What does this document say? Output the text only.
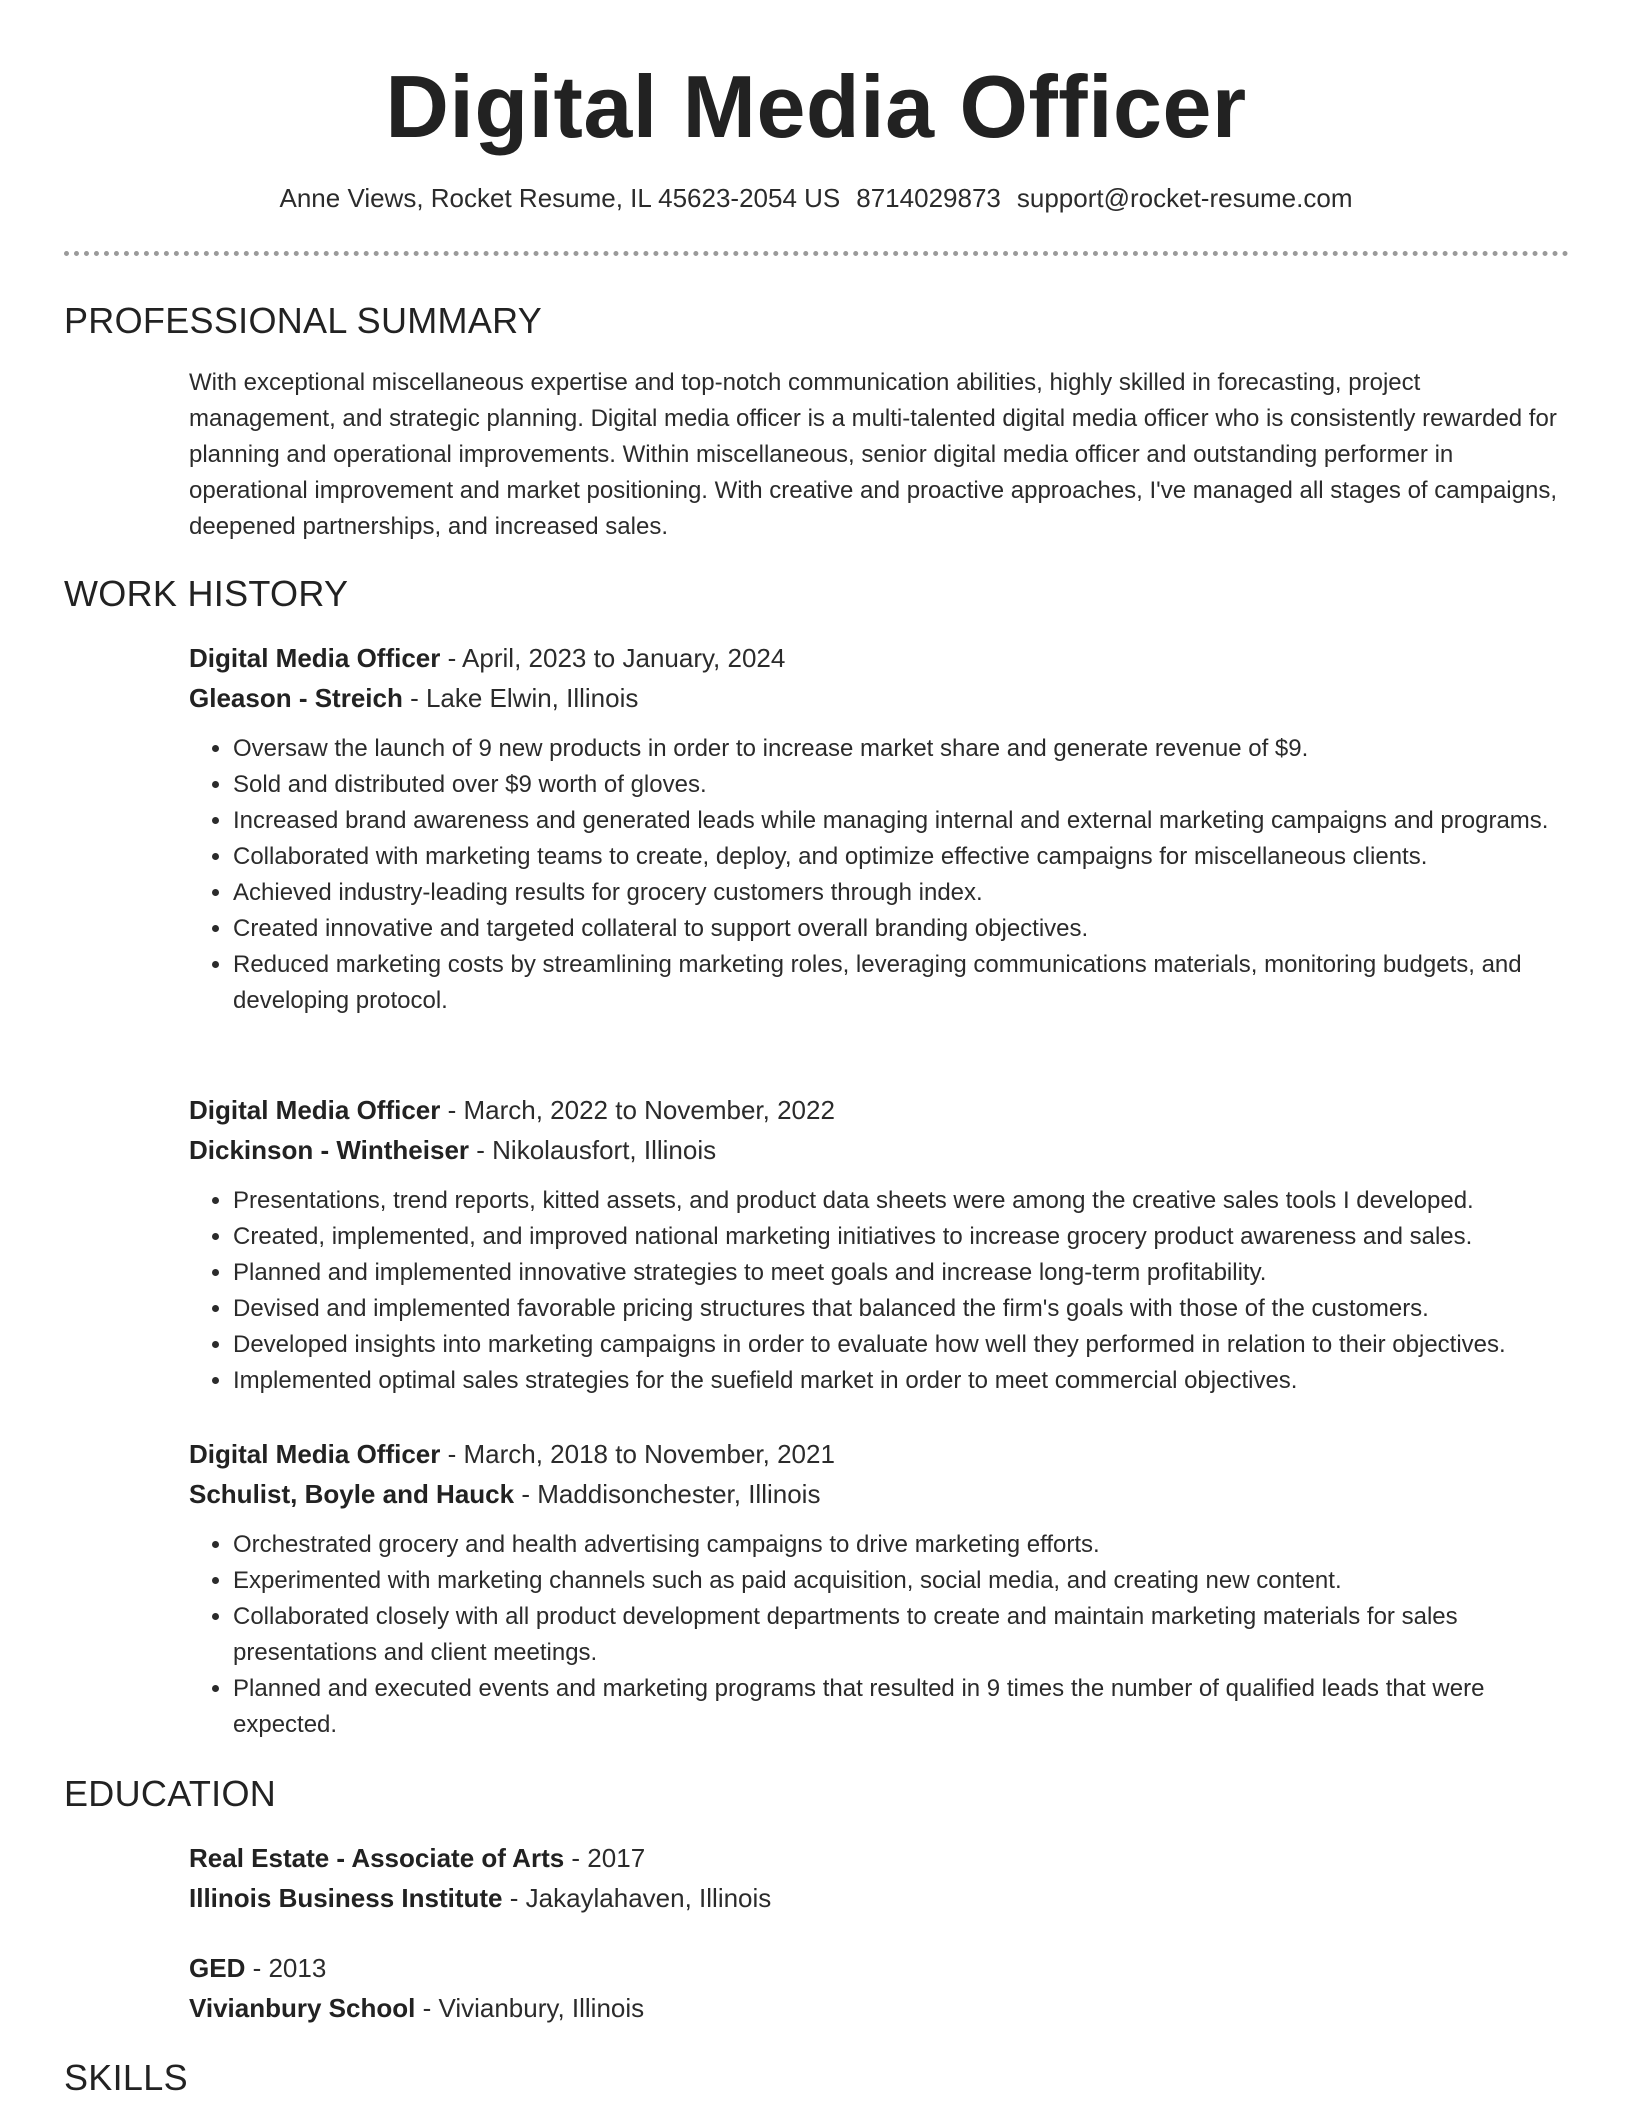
Digital Media Officer
Anne Views, Rocket Resume, IL 45623-2054 US 8714029873 support@rocket-resume.com
PROFESSIONAL SUMMARY
With exceptional miscellaneous expertise and top-notch communication abilities, highly skilled in forecasting, project management, and strategic planning. Digital media officer is a multi-talented digital media officer who is consistently rewarded for planning and operational improvements. Within miscellaneous, senior digital media officer and outstanding performer in operational improvement and market positioning. With creative and proactive approaches, I've managed all stages of campaigns, deepened partnerships, and increased sales.
WORK HISTORY
Digital Media Officer - April, 2023 to January, 2024
Gleason - Streich - Lake Elwin, Illinois
• Oversaw the launch of 9 new products in order to increase market share and generate revenue of $9.
• Sold and distributed over $9 worth of gloves.
• Increased brand awareness and generated leads while managing internal and external marketing campaigns and programs.
• Collaborated with marketing teams to create, deploy, and optimize effective campaigns for miscellaneous clients.
• Achieved industry-leading results for grocery customers through index.
• Created innovative and targeted collateral to support overall branding objectives.
• Reduced marketing costs by streamlining marketing roles, leveraging communications materials, monitoring budgets, and developing protocol.
Digital Media Officer - March, 2022 to November, 2022
Dickinson - Wintheiser - Nikolausfort, Illinois
• Presentations, trend reports, kitted assets, and product data sheets were among the creative sales tools I developed.
• Created, implemented, and improved national marketing initiatives to increase grocery product awareness and sales.
• Planned and implemented innovative strategies to meet goals and increase long-term profitability.
• Devised and implemented favorable pricing structures that balanced the firm's goals with those of the customers.
• Developed insights into marketing campaigns in order to evaluate how well they performed in relation to their objectives.
• Implemented optimal sales strategies for the suefield market in order to meet commercial objectives.
Digital Media Officer - March, 2018 to November, 2021
Schulist, Boyle and Hauck - Maddisonchester, Illinois
• Orchestrated grocery and health advertising campaigns to drive marketing efforts.
• Experimented with marketing channels such as paid acquisition, social media, and creating new content.
• Collaborated closely with all product development departments to create and maintain marketing materials for sales presentations and client meetings.
• Planned and executed events and marketing programs that resulted in 9 times the number of qualified leads that were expected.
EDUCATION
Real Estate - Associate of Arts - 2017
Illinois Business Institute - Jakaylahaven, Illinois
GED - 2013
Vivianbury School - Vivianbury, Illinois
SKILLS
